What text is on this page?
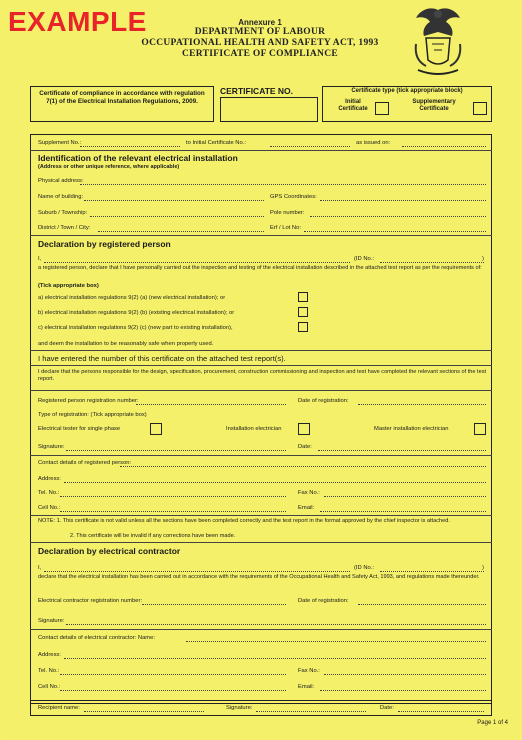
EXAMPLE	Annexure 1
DEPARTMENT OF LABOUR
OCCUPATIONAL HEALTH AND SAFETY ACT, 1993
CERTIFICATE OF COMPLIANCE
Certificate of compliance in accordance with regulation 7(1) of the Electrical Installation Regulations, 2009.
CERTIFICATE NO.	Certificate type (tick appropriate block)
Initial Certificate
Supplementary Certificate
Supplement No.:	to Initial Certificate No.:	as issued on:
Identification of the relevant electrical installation
(Address or other unique reference, where applicable)
Physical address:
Name of building:	GPS Coordinates:
Suburb / Township:	Pole number:
District / Town / City:	Erf / Lot No:
Declaration by registered person
I,	(ID No.:	)
a registered person, declare that I have personally carried out the inspection and testing of the electrical installation described in the attached test report as per the requirements of:
(Tick appropriate box)
a) electrical installation regulations 9(2) (a) (new electrical installation); or
b) electrical installation regulations 9(2) (b) (existing electrical installation); or
c) electrical installation regulations 9(2) (c) (new part to existing installation),
and deem the installation to be reasonably safe when properly used.
I have entered the number of this certificate on the attached test report(s).
I declare that the persons responsible for the design, specification, procurement, construction commissioning and inspection and test have completed the relevant sections of the test report.
Registered person registration number:	Date of registration:
Type of registration: (Tick appropriate box)
Electrical tester for single phase	Installation electrician	Master installation electrician
Signature:	Date:
Contact details of registered person:
Address:
Tel. No.:	Fax No.:
Cell No.:	Email:
NOTE: 1. This certificate is not valid unless all the sections have been completed correctly and the test report in the format approved by the chief inspector is attached.
2. This certificate will be invalid if any corrections have been made.
Declaration by electrical contractor
I,	(ID No.:	)
declare that the electrical installation has been carried out in accordance with the requirements of the Occupational Health and Safety Act, 1993, and regulations made thereunder.
Electrical contractor registration number:	Date of registration:
Signature:
Contact details of electrical contractor: Name:
Address:
Tel. No.:	Fax No.:
Cell No.:	Email:
Recipient name:	Signature:	Date:
Page 1 of 4
